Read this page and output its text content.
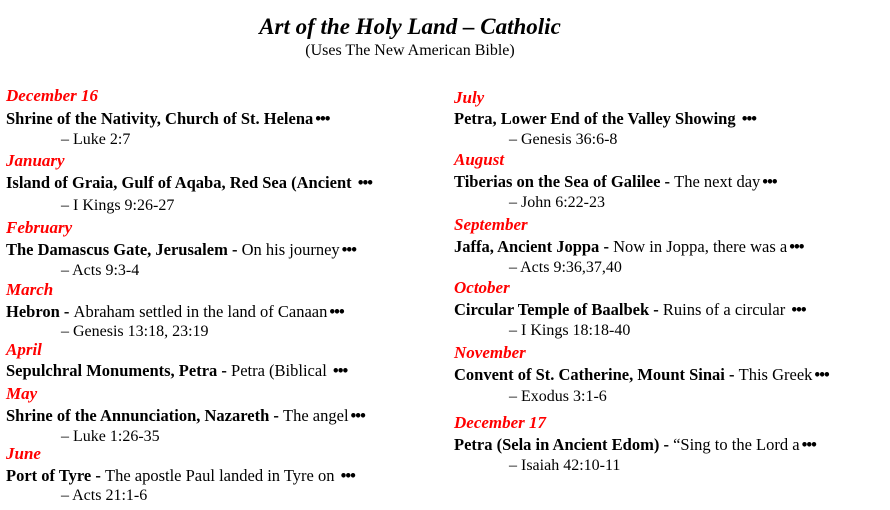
Art of the Holy Land – Catholic
(Uses The New American Bible)
December 16
Shrine of the Nativity, Church of St. Helena •••
– Luke 2:7
January
Island of Graia, Gulf of Aqaba, Red Sea (Ancient •••
– I Kings 9:26-27
February
The Damascus Gate, Jerusalem - On his journey •••
– Acts 9:3-4
March
Hebron - Abraham settled in the land of Canaan •••
– Genesis 13:18, 23:19
April
Sepulchral Monuments, Petra - Petra (Biblical •••
May
Shrine of the Annunciation, Nazareth - The angel •••
– Luke 1:26-35
June
Port of Tyre - The apostle Paul landed in Tyre on •••
– Acts 21:1-6
July
Petra, Lower End of the Valley Showing •••
– Genesis 36:6-8
August
Tiberias on the Sea of Galilee - The next day •••
– John 6:22-23
September
Jaffa, Ancient Joppa - Now in Joppa, there was a •••
– Acts 9:36,37,40
October
Circular Temple of Baalbek - Ruins of a circular •••
– I Kings 18:18-40
November
Convent of St. Catherine, Mount Sinai - This Greek •••
– Exodus 3:1-6
December 17
Petra (Sela in Ancient Edom) - “Sing to the Lord a •••
– Isaiah 42:10-11
